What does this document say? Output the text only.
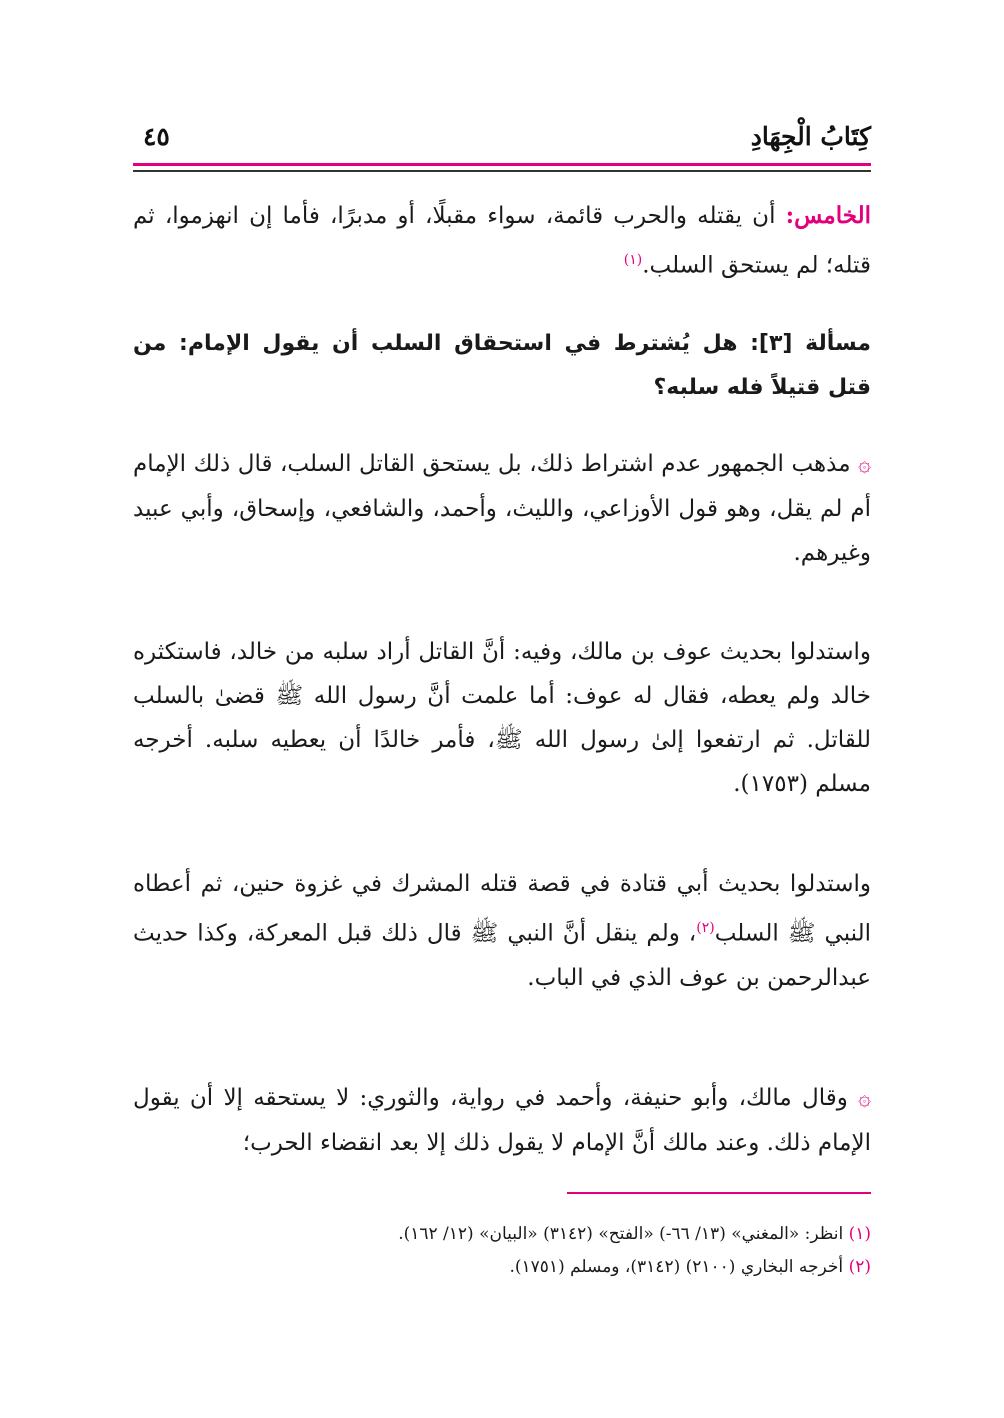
كِتَابُ الْجِهَادِ
٤٥
الخامس: أن يقتله والحرب قائمة، سواء مقبلًا، أو مدبرًا، فأما إن انهزموا، ثم قتله؛ لم يستحق السلب.$^{(١)}$
مسألة [٣]: هل يُشترط في استحقاق السلب أن يقول الإمام: من قتل قتيلاً فله سلبه؟
۞ مذهب الجمهور عدم اشتراط ذلك، بل يستحق القاتل السلب، قال ذلك الإمام أم لم يقل، وهو قول الأوزاعي، والليث، وأحمد، والشافعي، وإسحاق، وأبي عبيد وغيرهم.
واستدلوا بحديث عوف بن مالك، وفيه: أنَّ القاتل أراد سلبه من خالد، فاستكثره خالد ولم يعطه، فقال له عوف: أما علمت أنَّ رسول الله ﷺ قضىٰ بالسلب للقاتل. ثم ارتفعوا إلىٰ رسول الله ﷺ، فأمر خالدًا أن يعطيه سلبه. أخرجه مسلم (١٧٥٣).
واستدلوا بحديث أبي قتادة في قصة قتله المشرك في غزوة حنين، ثم أعطاه النبي ﷺ السلب$^{(٢)}$، ولم ينقل أنَّ النبي ﷺ قال ذلك قبل المعركة، وكذا حديث عبدالرحمن بن عوف الذي في الباب.
۞ وقال مالك، وأبو حنيفة، وأحمد في رواية، والثوري: لا يستحقه إلا أن يقول الإمام ذلك. وعند مالك أنَّ الإمام لا يقول ذلك إلا بعد انقضاء الحرب؛
(١) انظر: «المغني» (١٣/ ٦٦-) «الفتح» (٣١٤٢) «البيان» (١٢/ ١٦٢).
(٢) أخرجه البخاري (٢١٠٠) (٣١٤٢)، ومسلم (١٧٥١).
